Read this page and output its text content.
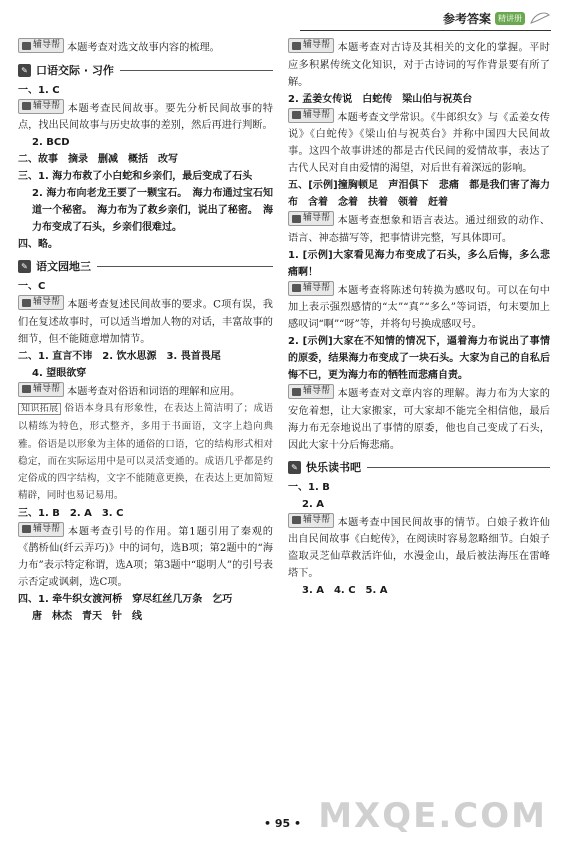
参考答案 精讲册

辅导帮 本题考查对选文故事内容的梳理。

✎ 口语交际 · 习作

一、1. C

辅导帮 本题考查民间故事。要先分析民间故事的特点，找出民间故事与历史故事的差别，然后再进行判断。

2. BCD

二、故事　摘录　删减　概括　改写

三、1. 海力布救了小白蛇和乡亲们，最后变成了石头

2. 海力布向老龙王要了一颗宝石。　海力布通过宝石知道一个秘密。　海力布为了救乡亲们，说出了秘密。　海力布变成了石头，乡亲们很难过。

四、略。

✎ 语文园地三

一、C

辅导帮 本题考查复述民间故事的要求。C项有误，我们在复述故事时，可以适当增加人物的对话，丰富故事的细节，但不能随意增加情节。

二、1. 直言不讳　2. 饮水思源　3. 畏首畏尾

4. 望眼欲穿

辅导帮 本题考查对俗语和词语的理解和应用。

知识拓展 俗语本身具有形象性，在表达上简洁明了；成语以精练为特色，形式整齐，多用于书面语，文字上趋向典雅。俗语是以形象为主体的通俗的口语，它的结构形式相对稳定，而在实际运用中是可以灵活变通的。成语几乎都是约定俗成的四字结构，文字不能随意更换，在表达上更加简短精辟，同时也易记易用。

三、1. B　2. A　3. C

辅导帮 本题考查引号的作用。第1题引用了秦观的《鹊桥仙(纤云弄巧)》中的词句，选B项；第2题中的“海力布”表示特定称谓，选A项；第3题中“聪明人”的引号表示否定或讽刺，选C项。

四、1. 牵牛织女渡河桥　穿尽红丝几万条　乞巧

唐　林杰　青天　针　线

辅导帮 本题考查对古诗及其相关的文化的掌握。平时应多积累传统文化知识，对于古诗词的写作背景要有所了解。

2. 孟姜女传说　白蛇传　梁山伯与祝英台

辅导帮 本题考查文学常识。《牛郎织女》与《孟姜女传说》《白蛇传》《梁山伯与祝英台》并称中国四大民间故事。这四个故事讲述的都是古代民间的爱情故事，表达了古代人民对自由爱情的渴望，对后世有着深远的影响。

五、[示例]撞胸顿足　声泪俱下　悲痛　都是我们害了海力布　含着　念着　扶着　领着　赶着

辅导帮 本题考查想象和语言表达。通过细致的动作、语言、神态描写等，把事情讲完整，写具体即可。

1. [示例]大家看见海力布变成了石头，多么后悔，多么悲痛啊！

辅导帮 本题考查将陈述句转换为感叹句。可以在句中加上表示强烈感情的“太”“真”“多么”等词语，句末要加上感叹词“啊”“呀”等，并将句号换成感叹号。

2. [示例]大家在不知情的情况下，逼着海力布说出了事情的原委，结果海力布变成了一块石头。大家为自己的自私后悔不已，更为海力布的牺牲而悲痛自责。

辅导帮 本题考查对文章内容的理解。海力布为大家的安危着想，让大家搬家，可大家却不能完全相信他，最后海力布无奈地说出了事情的原委，他也自己变成了石头，因此大家十分后悔悲痛。

✎ 快乐读书吧

一、1. B

2. A

辅导帮 本题考查中国民间故事的情节。白娘子救许仙出自民间故事《白蛇传》，在阅读时容易忽略细节。白娘子盗取灵芝仙草救活许仙，水漫金山，最后被法海压在雷峰塔下。

3. A　4. C　5. A

• 95 • MXQE.COM
